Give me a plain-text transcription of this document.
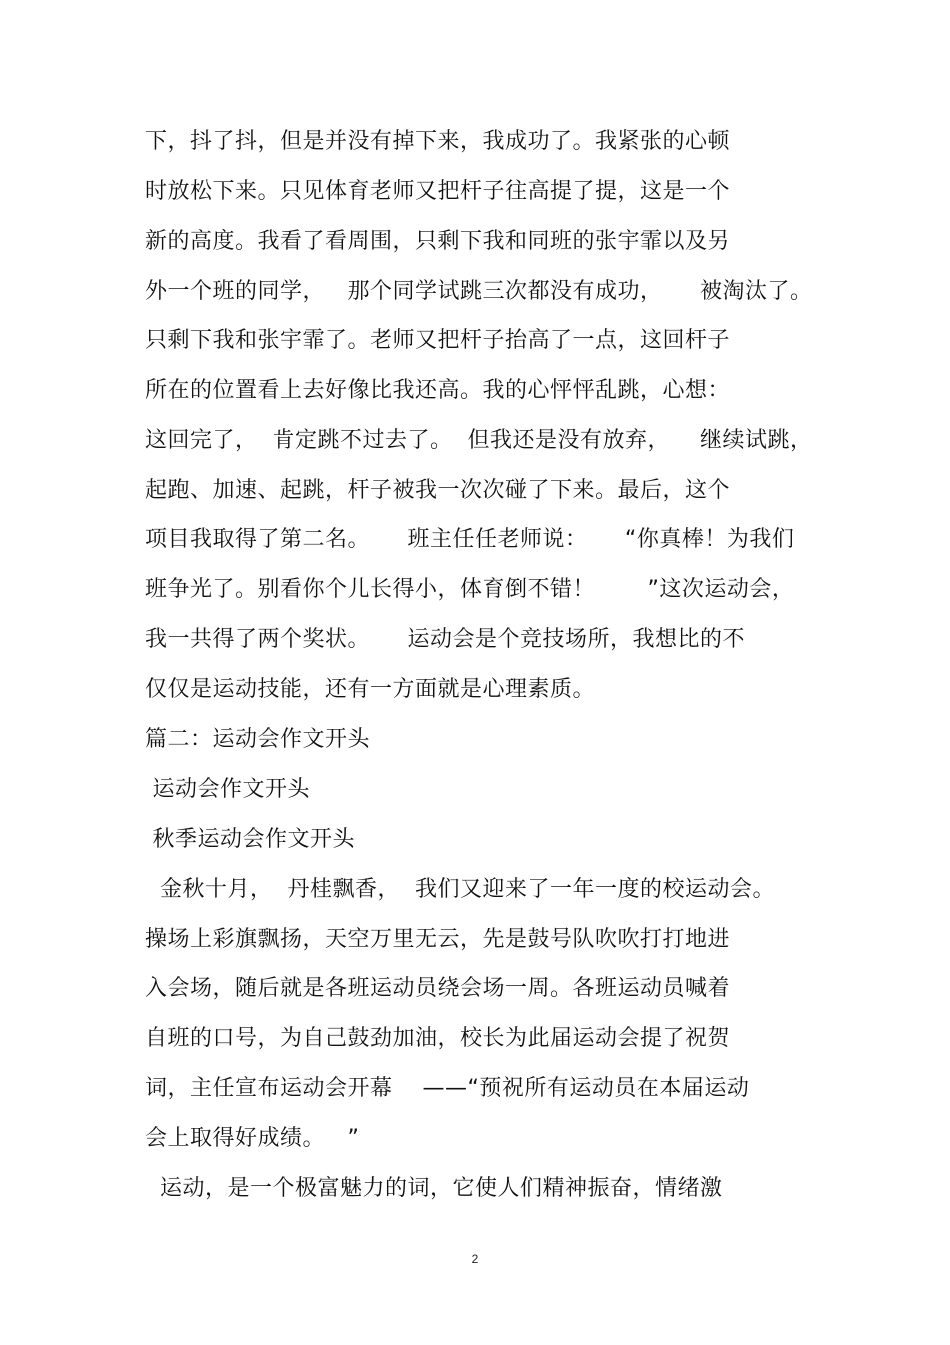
下，抖了抖，但是并没有掉下来，我成功了。我紧张的心顿
时放松下来。只见体育老师又把杆子往高提了提，这是一个
新的高度。我看了看周围，只剩下我和同班的张宇霏以及另
外一个班的同学，   那个同学试跳三次都没有成功，     被淘汰了。
只剩下我和张宇霏了。老师又把杆子抬高了一点，这回杆子
所在的位置看上去好像比我还高。我的心怦怦乱跳，心想：
这回完了，  肯定跳不过去了。  但我还是没有放弃，    继续试跳，
起跑、加速、起跳，杆子被我一次次碰了下来。最后，这个
项目我取得了第二名。     班主任任老师说：     “你真棒！为我们
班争光了。别看你个儿长得小，体育倒不错！       ”这次运动会，
我一共得了两个奖状。     运动会是个竞技场所，我想比的不
仅仅是运动技能，还有一方面就是心理素质。
篇二：运动会作文开头
运动会作文开头
秋季运动会作文开头
金秋十月，  丹桂飘香，  我们又迎来了一年一度的校运动会。
操场上彩旗飘扬，天空万里无云，先是鼓号队吹吹打打地进
入会场，随后就是各班运动员绕会场一周。各班运动员喊着
自班的口号，为自己鼓劲加油，校长为此届运动会提了祝贺
词，主任宣布运动会开幕    ——“预祝所有运动员在本届运动
会上取得好成绩。   ”
运动，是一个极富魅力的词，它使人们精神振奋，情绪激
2
